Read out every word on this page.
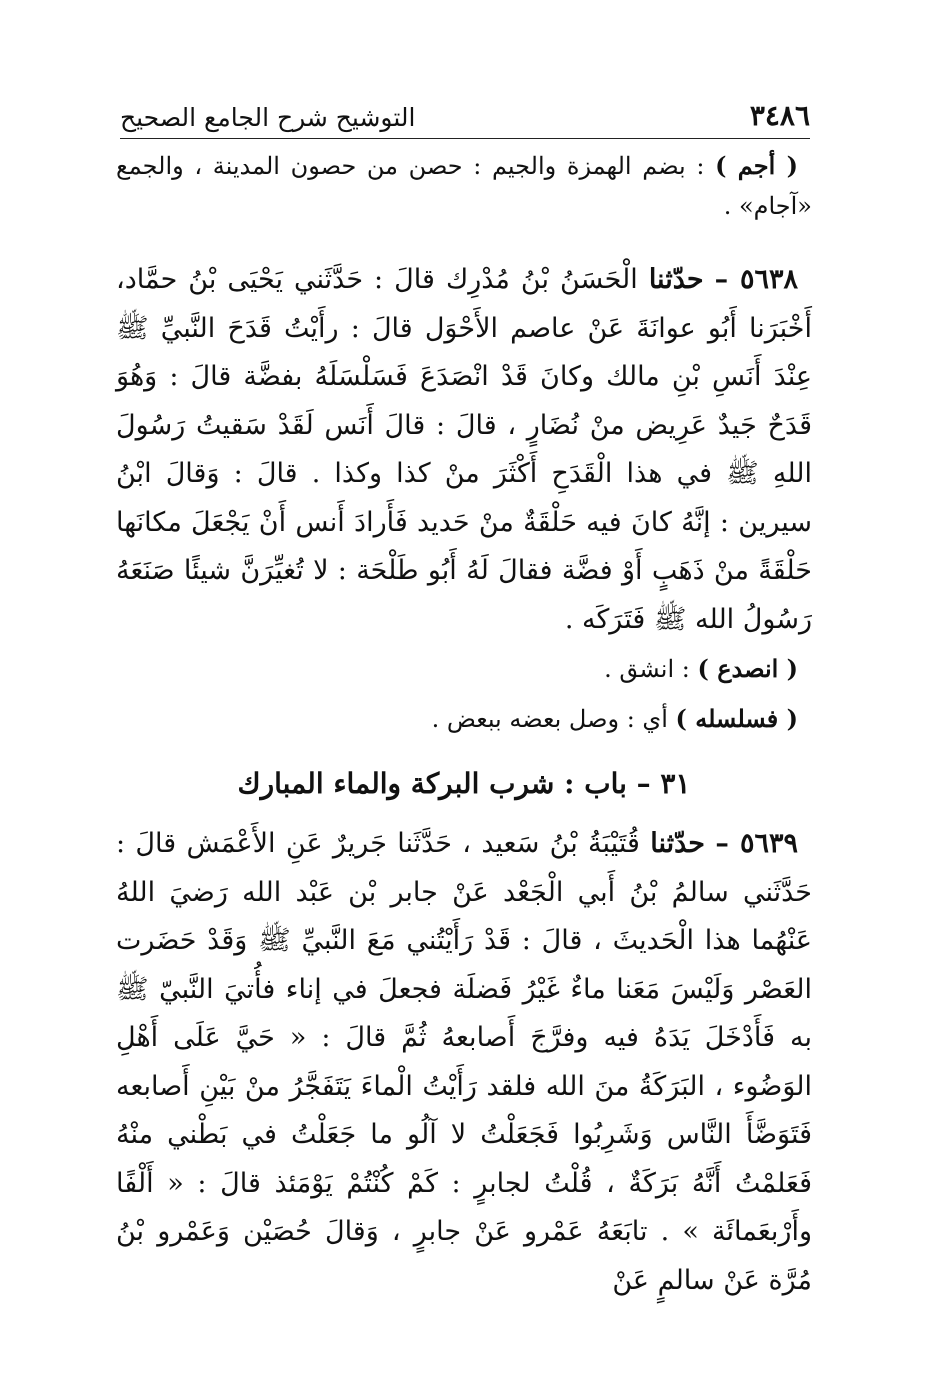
٣٤٨٦
التوشيح شرح الجامع الصحيح

( أجم ) : بضم الهمزة والجيم : حصن من حصون المدينة ، والجمع «آجام» .

٥٦٣٨ – حدّثنا الْحَسَنُ بْنُ مُدْرِك قالَ : حَدَّثَني يَحْيَى بْنُ حمَّاد، أَخْبَرَنا أَبُو عوانَةَ عَنْ عاصم الأَحْوَل قالَ : رأَيْتُ قَدَحَ النَّبيِّ ﷺ عِنْدَ أَنَسِ بْنِ مالك وكانَ قَدْ انْصَدَعَ فَسَلْسَلَهُ بفضَّة قالَ : وَهُوَ قَدَحٌ جَيدٌ عَرِيض منْ نُضَارٍ ، قالَ : قالَ أَنَس لَقَدْ سَقيتُ رَسُولَ اللهِ ﷺ في هذا الْقَدَحِ أَكْثَرَ منْ كذا وكذا . قالَ : وَقالَ ابْنُ سيرين : إنَّهُ كانَ فيه حَلْقَةٌ منْ حَديد فَأَرادَ أَنس أَنْ يَجْعَلَ مكانَها حَلْقَةً منْ ذَهَبٍ أَوْ فضَّة فقالَ لَهُ أَبُو طَلْحَة : لا تُغيِّرَنَّ شيئًا صَنَعَهُ رَسُولُ الله ﷺ فَتَرَكَه .

( انصدع ) : انشق .

( فسلسله ) أي : وصل بعضه ببعض .

٣١ – باب : شرب البركة والماء المبارك

٥٦٣٩ – حدّثنا قُتَيْبَةُ بْنُ سَعيد ، حَدَّثَنا جَريرٌ عَنِ الأَعْمَش قالَ : حَدَّثَني سالمُ بْنُ أَبي الْجَعْد عَنْ جابر بْن عَبْد الله رَضيَ اللهُ عَنْهُما هذا الْحَديثَ ، قالَ : قَدْ رَأَيْتُني مَعَ النَّبيِّ ﷺ وَقَدْ حَضَرت العَصْر وَلَيْسَ مَعَنا ماءٌ غَيْرُ فَضلَة فجعلَ في إناء فأُتيَ النَّبيّ ﷺ به فَأَدْخَلَ يَدَهُ فيه وفرَّجَ أَصابعهُ ثُمَّ قالَ : « حَيَّ عَلَى أَهْلِ الوَضُوء ، البَرَكَةُ منَ الله فلقد رَأَيْتُ الْماءَ يَتَفَجَّرُ منْ بَيْنِ أَصابعه فَتَوَضَّأَ النَّاس وَشَرِبُوا فَجَعَلْتُ لا آلُو ما جَعَلْتُ في بَطْني منْهُ فَعَلمْتُ أَنَّهُ بَرَكَةٌ ، قُلْتُ لجابرٍ : كَمْ كُنْتُمْ يَوْمَئذ قالَ : « أَلْفًا وأَرْبعَمائَة » . تابَعَهُ عَمْرو عَنْ جابرٍ ، وَقالَ حُصَيْن وَعَمْرو بْنُ مُرَّة عَنْ سالمٍ عَنْ
